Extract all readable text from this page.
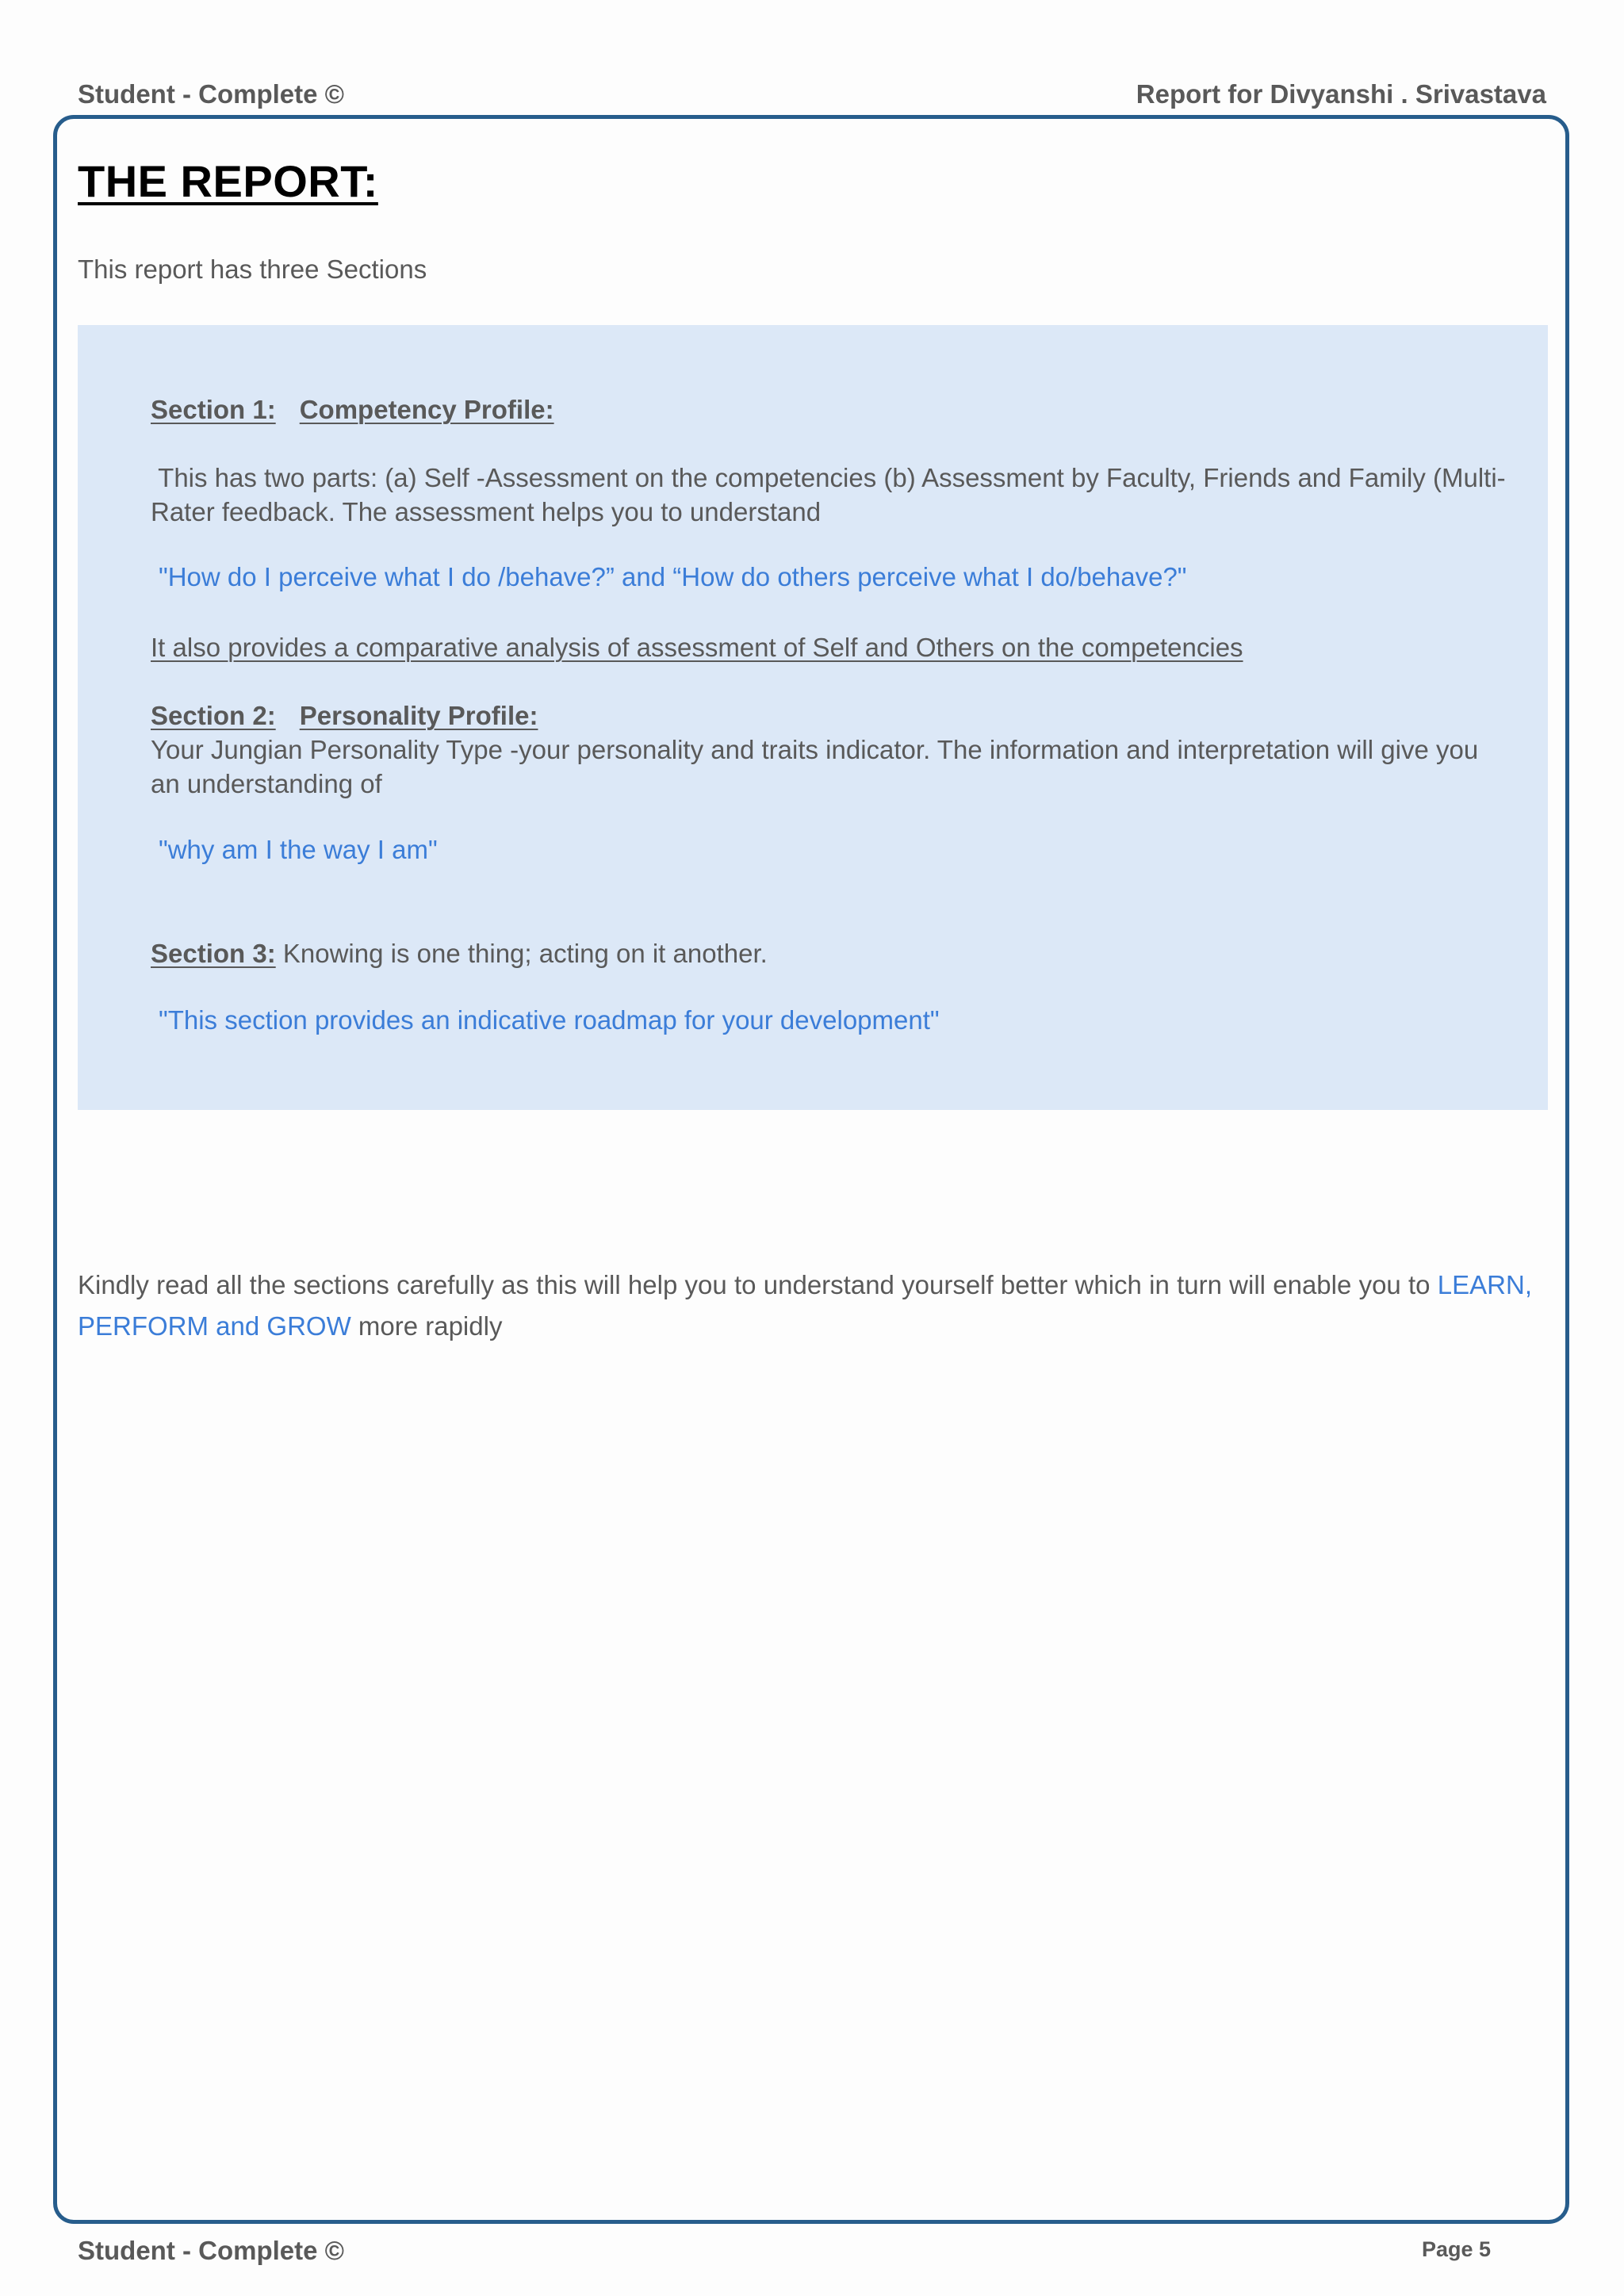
Student - Complete ©	Report for Divyanshi . Srivastava
THE REPORT:
This report has three Sections
Section 1: Competency Profile:
This has two parts: (a) Self -Assessment on the competencies (b) Assessment by Faculty, Friends and Family (Multi-Rater feedback. The assessment helps you to understand
"How do I perceive what I do /behave?” and “How do others perceive what I do/behave?"
It also provides a comparative analysis of assessment of Self and Others on the competencies
Section 2: Personality Profile:
Your Jungian Personality Type -your personality and traits indicator. The information and interpretation will give you an understanding of
"why am I the way I am"
Section 3: Knowing is one thing; acting on it another.
"This section provides an indicative roadmap for your development"
Kindly read all the sections carefully as this will help you to understand yourself better which in turn will enable you to LEARN, PERFORM and GROW more rapidly
Student - Complete ©	Page 5
